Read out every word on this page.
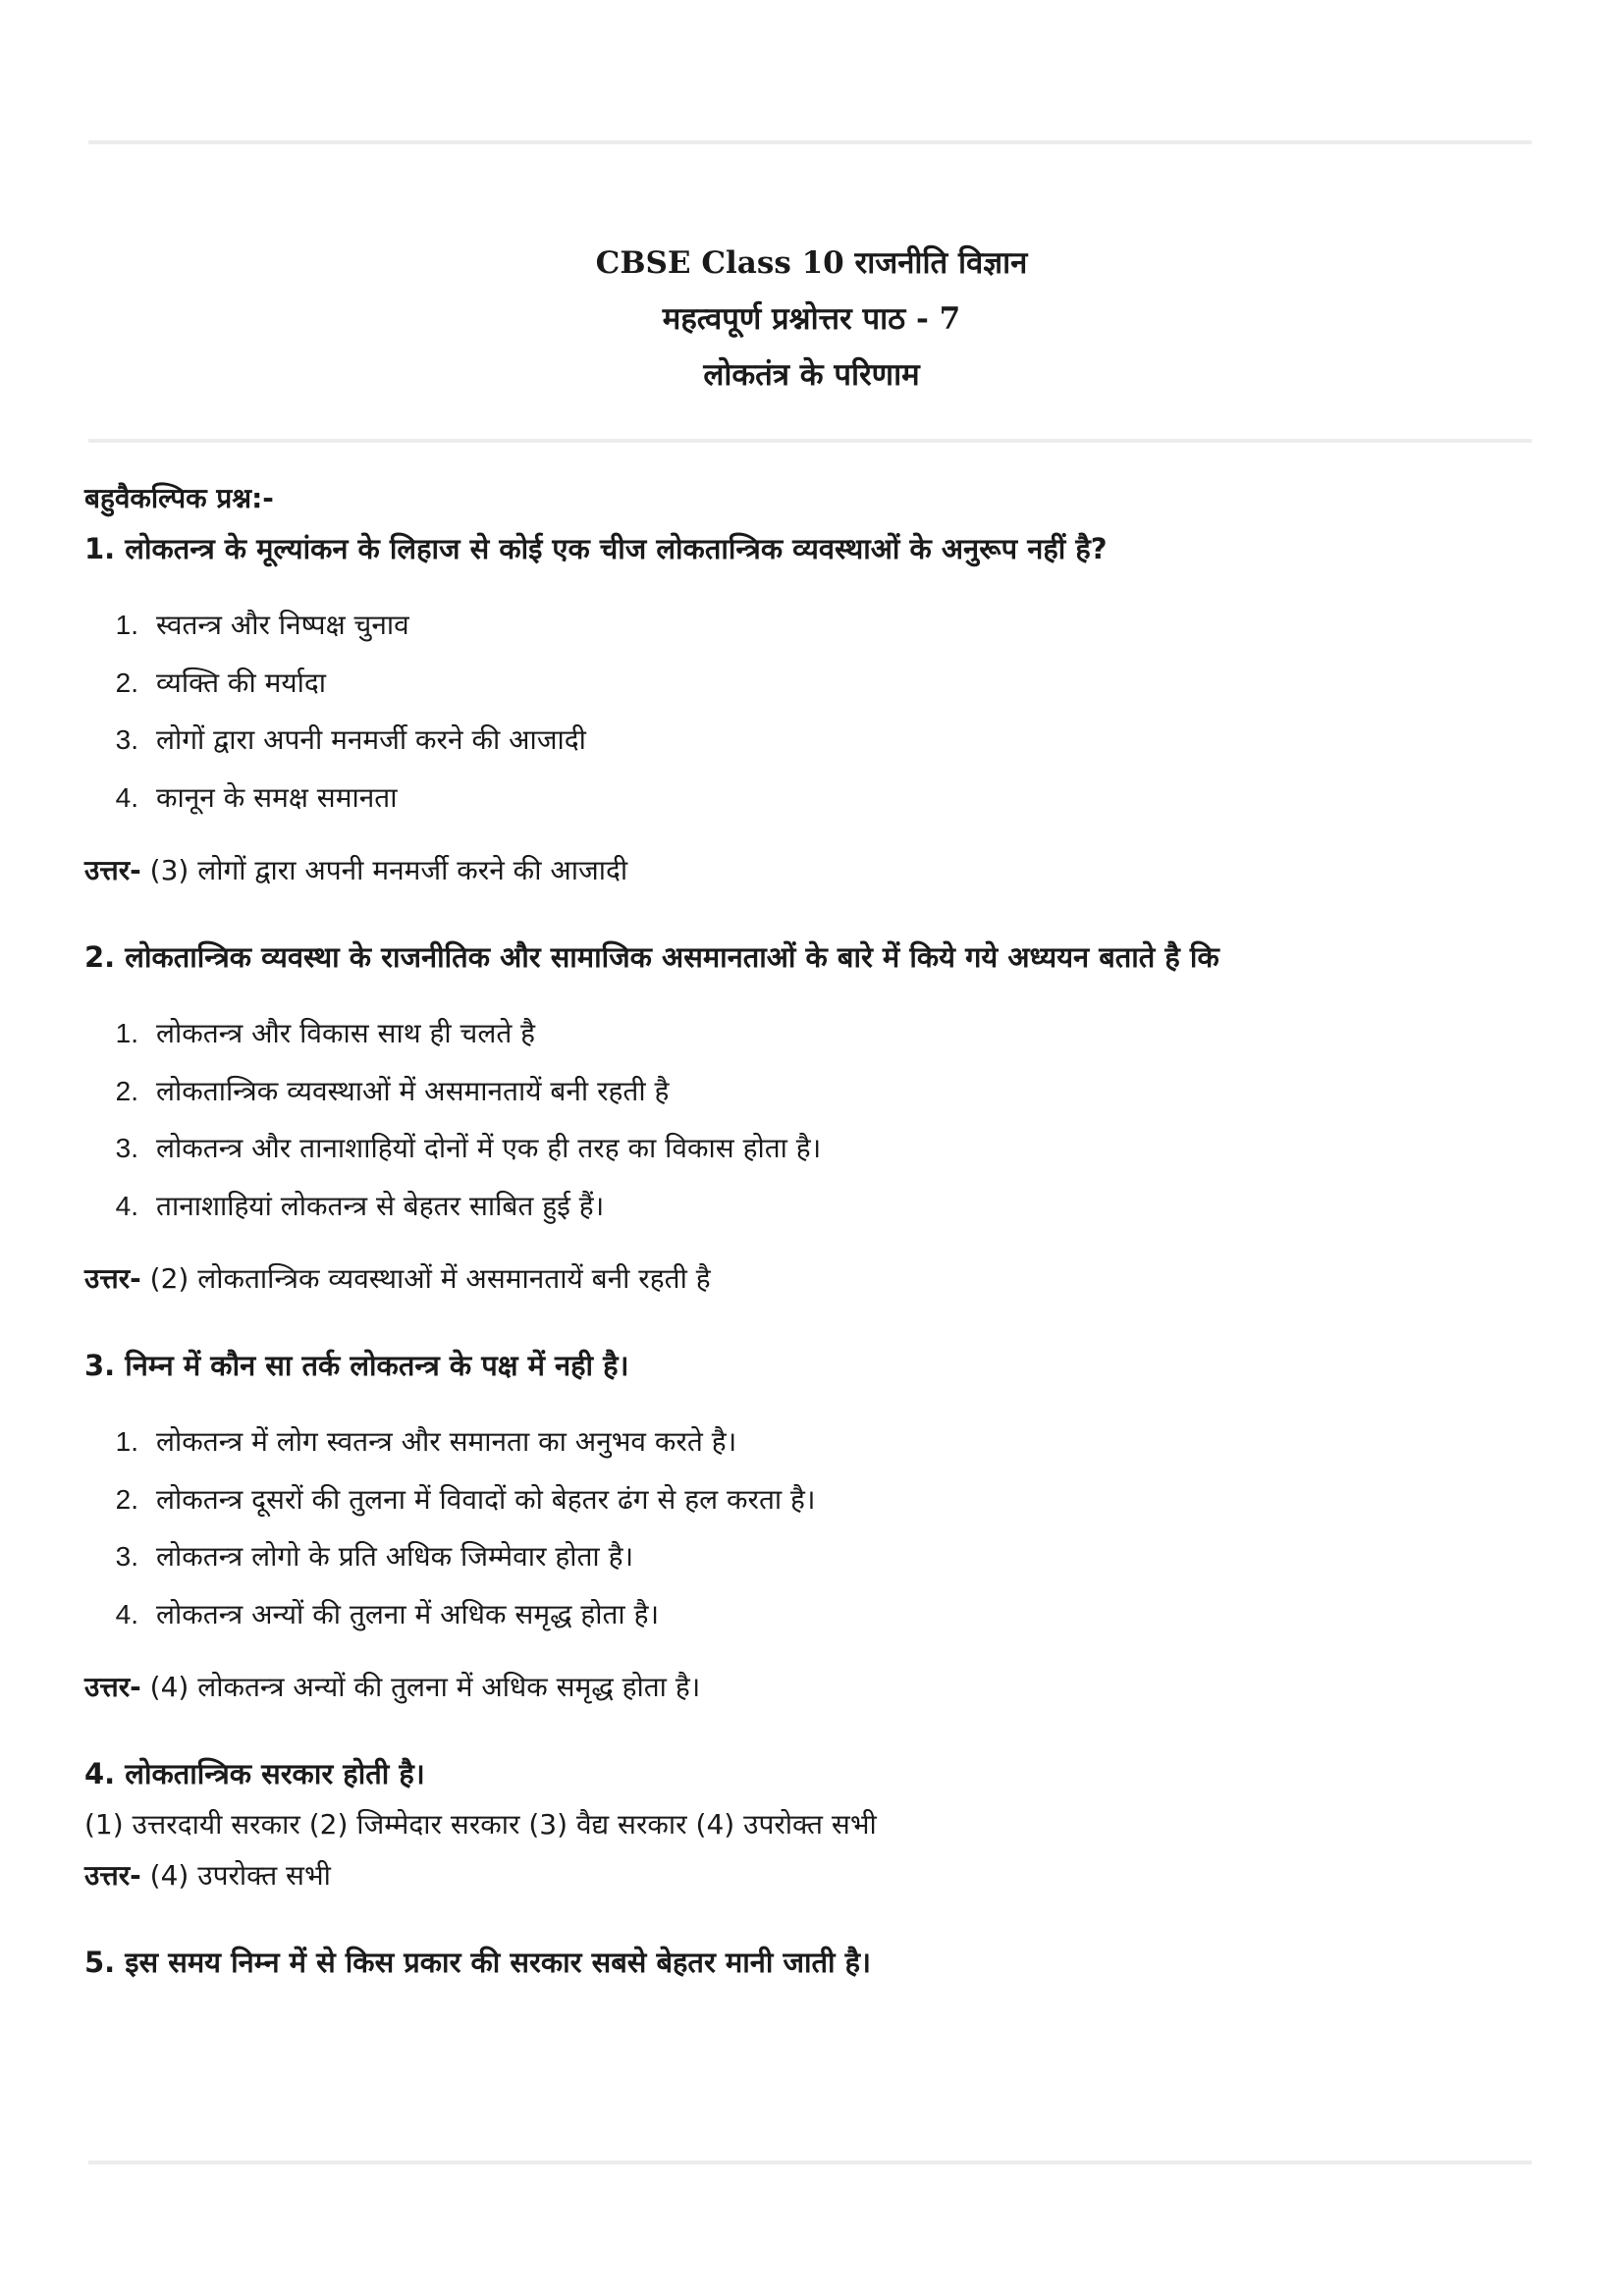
CBSE Class 10 राजनीति विज्ञान
महत्वपूर्ण प्रश्नोत्तर पाठ - 7
लोकतंत्र के परिणाम
बहुवैकल्पिक प्रश्न:-
1. लोकतन्त्र के मूल्यांकन के लिहाज से कोई एक चीज लोकतान्त्रिक व्यवस्थाओं के अनुरूप नहीं है?
1. स्वतन्त्र और निष्पक्ष चुनाव
2. व्यक्ति की मर्यादा
3. लोगों द्वारा अपनी मनमर्जी करने की आजादी
4. कानून के समक्ष समानता
उत्तर- (3) लोगों द्वारा अपनी मनमर्जी करने की आजादी
2. लोकतान्त्रिक व्यवस्था के राजनीतिक और सामाजिक असमानताओं के बारे में किये गये अध्ययन बताते है कि
1. लोकतन्त्र और विकास साथ ही चलते है
2. लोकतान्त्रिक व्यवस्थाओं में असमानतायें बनी रहती है
3. लोकतन्त्र और तानाशाहियों दोनों में एक ही तरह का विकास होता है।
4. तानाशाहियां लोकतन्त्र से बेहतर साबित हुई हैं।
उत्तर- (2) लोकतान्त्रिक व्यवस्थाओं में असमानतायें बनी रहती है
3. निम्न में कौन सा तर्क लोकतन्त्र के पक्ष में नही है।
1. लोकतन्त्र में लोग स्वतन्त्र और समानता का अनुभव करते है।
2. लोकतन्त्र दूसरों की तुलना में विवादों को बेहतर ढंग से हल करता है।
3. लोकतन्त्र लोगो के प्रति अधिक जिम्मेवार होता है।
4. लोकतन्त्र अन्यों की तुलना में अधिक समृद्ध होता है।
उत्तर- (4) लोकतन्त्र अन्यों की तुलना में अधिक समृद्ध होता है।
4. लोकतान्त्रिक सरकार होती है।
(1) उत्तरदायी सरकार (2) जिम्मेदार सरकार (3) वैद्य सरकार (4) उपरोक्त सभी
उत्तर- (4) उपरोक्त सभी
5. इस समय निम्न में से किस प्रकार की सरकार सबसे बेहतर मानी जाती है।
